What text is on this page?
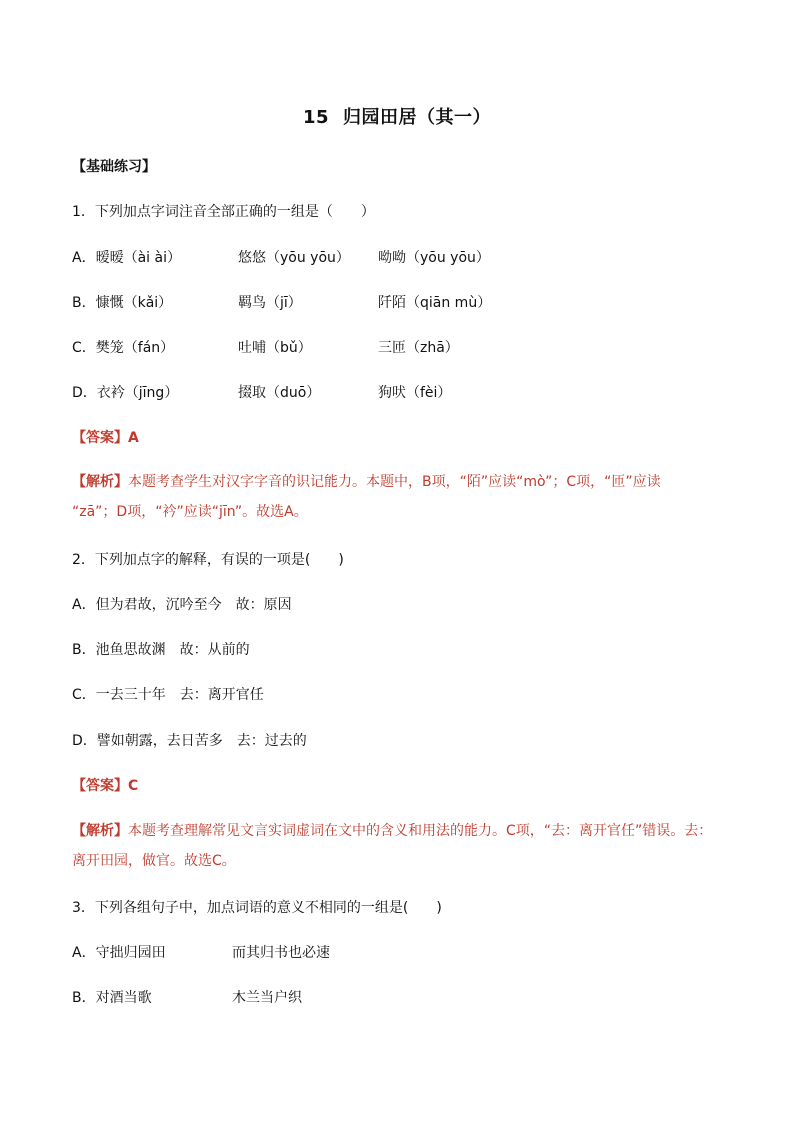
15 归园田居（其一）
【基础练习】
1．下列加点字词注音全部正确的一组是（　　）
A．暧暧（ài ài）	悠悠（yōu yōu） 呦呦（yōu yōu）
B．慷慨（kǎi）	羁鸟（jī）	阡陌（qiān mù）
C．樊笼（fán）	吐哺（bǔ）	三匝（zhā）
D．衣衿（jīng）	掇取（duō）	狗吠（fèi）
【答案】A
【解析】本题考查学生对汉字字音的识记能力。本题中，B项，“陌”应读“mò”；C项，“匝”应读
“zā”；D项，“衿”应读“jīn”。故选A。
2．下列加点字的解释，有误的一项是(　　)
A．但为君故，沉吟至今　故：原因
B．池鱼思故渊　故：从前的
C．一去三十年　去：离开官任
D．譬如朝露，去日苦多　去：过去的
【答案】C
【解析】本题考查理解常见文言实词虚词在文中的含义和用法的能力。C项，“去：离开官任”错误。去：
离开田园，做官。故选C。
3．下列各组句子中，加点词语的意义不相同的一组是(　　)
A．守拙归园田	而其归书也必速
B．对酒当歌	木兰当户织
